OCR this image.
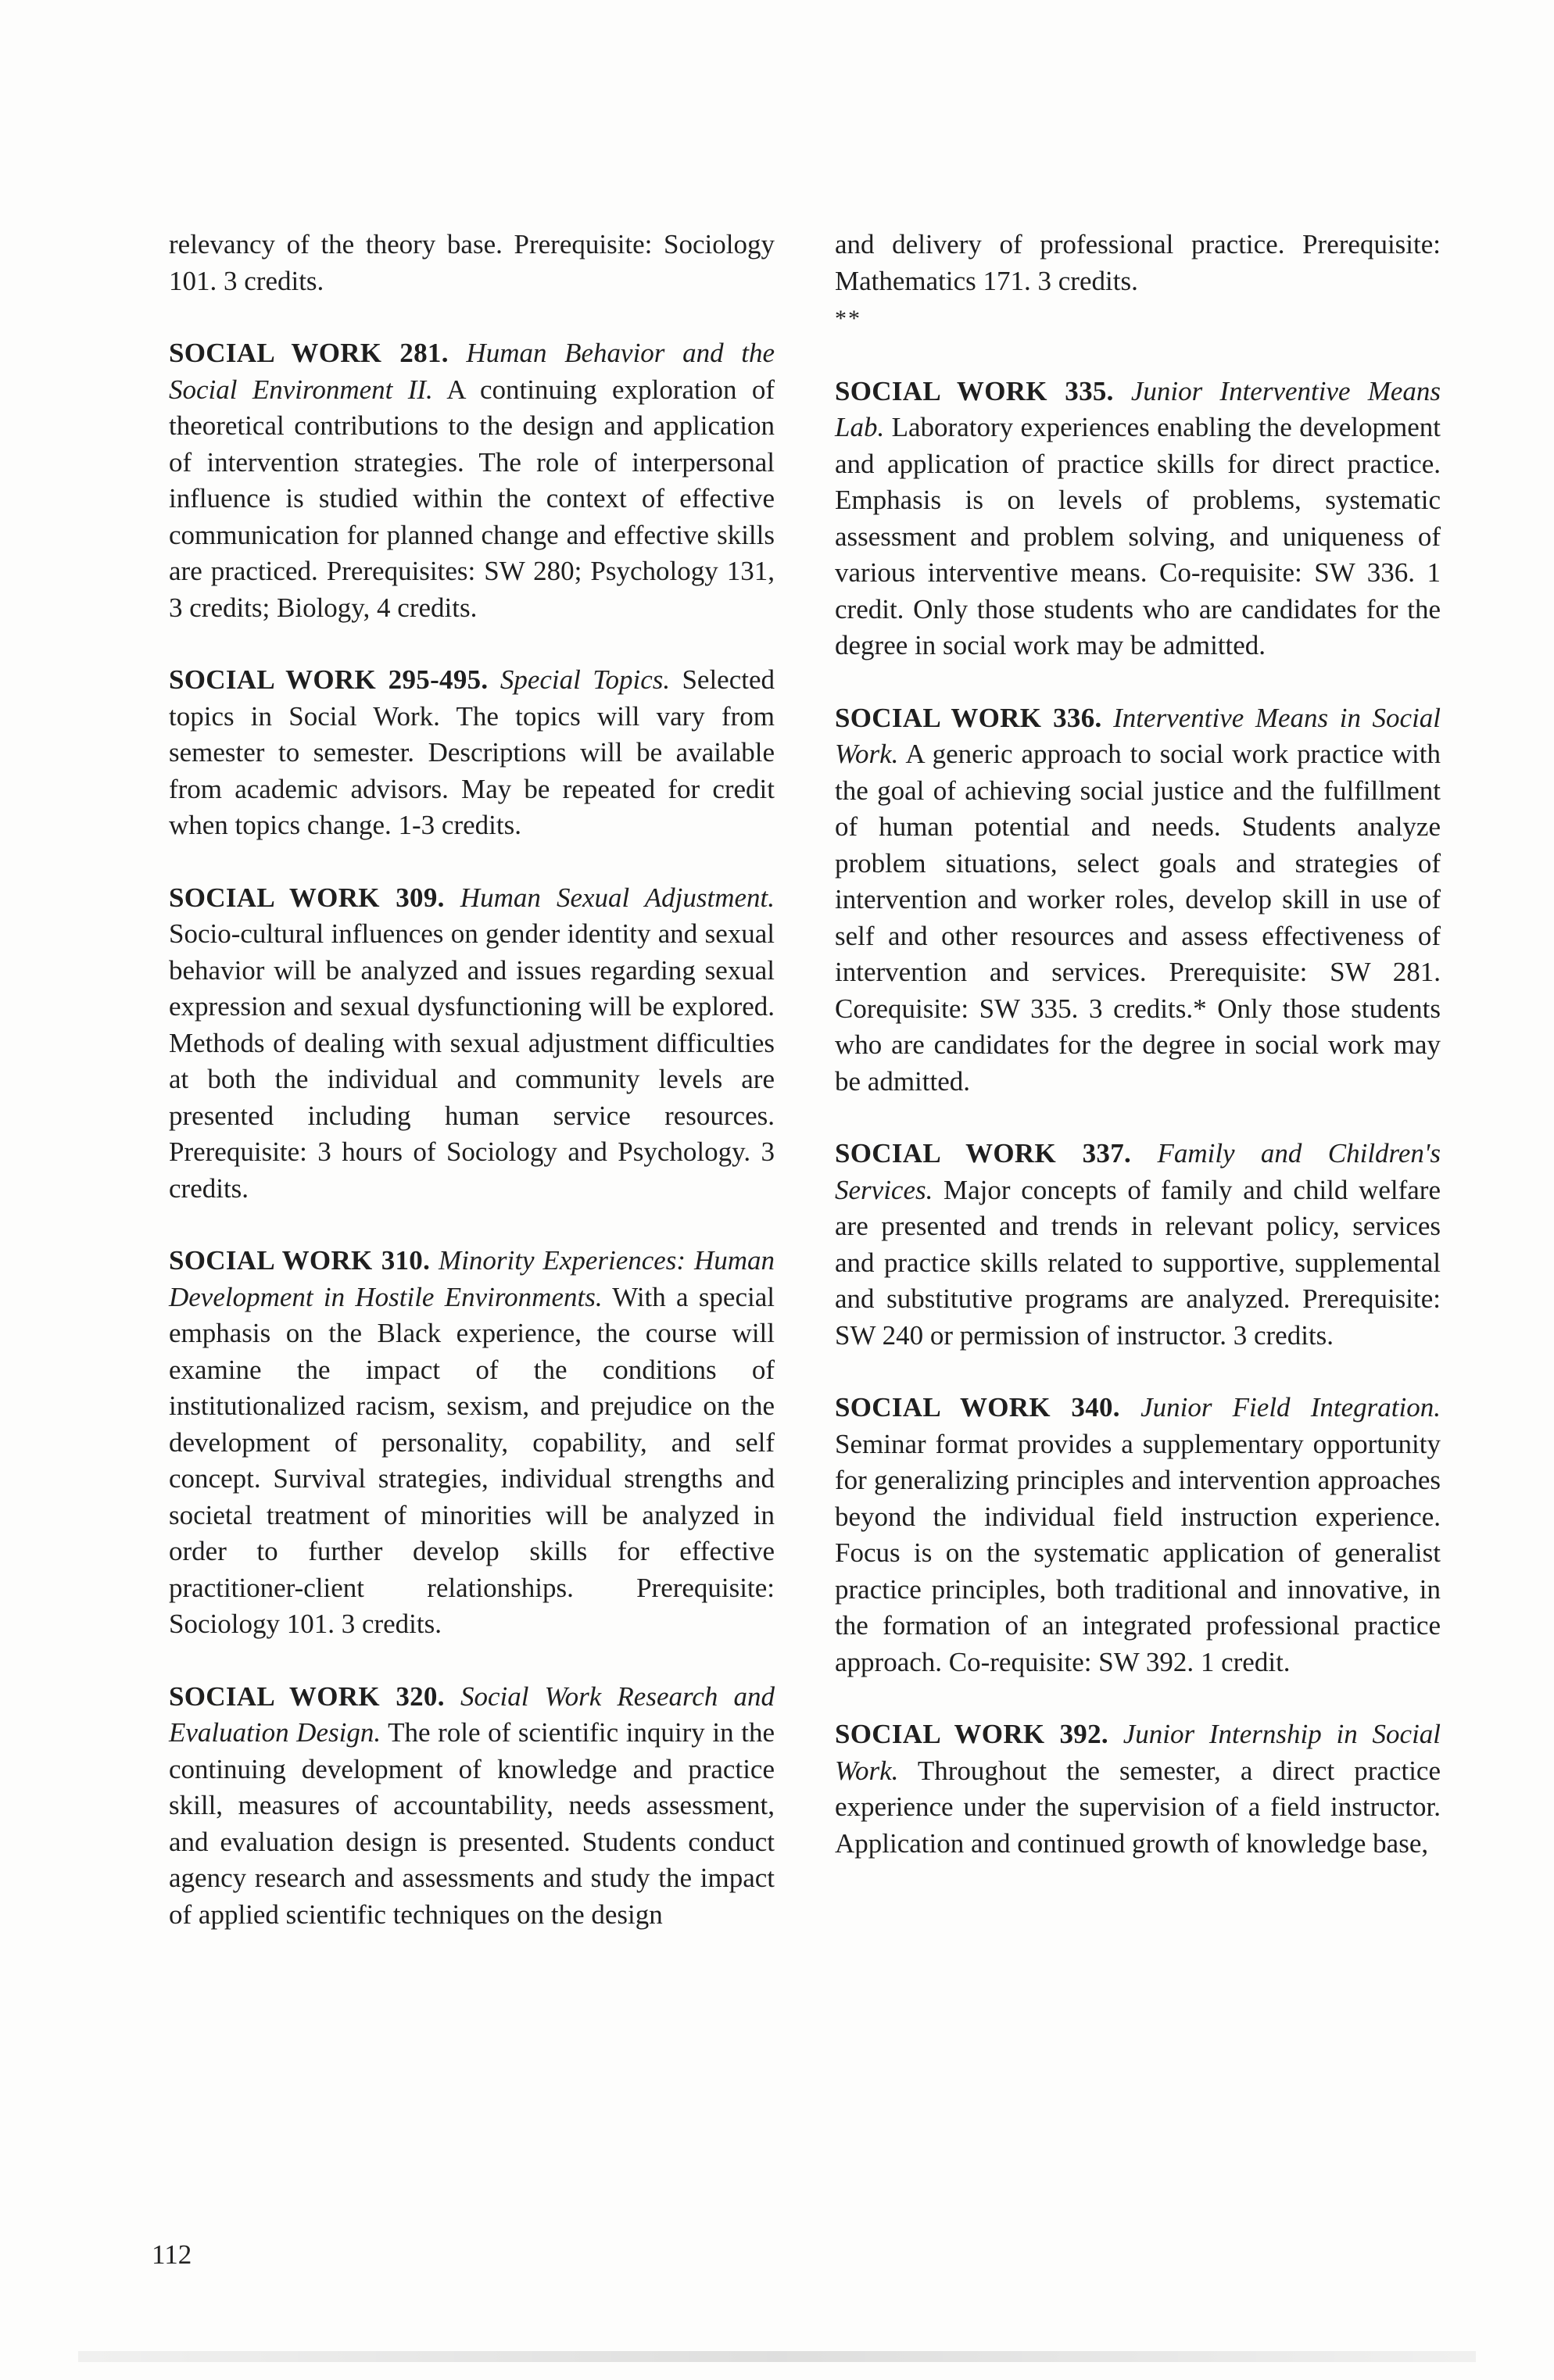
relevancy of the theory base. Prerequisite: Sociology 101. 3 credits.

SOCIAL WORK 281. Human Behavior and the Social Environment II. A continuing exploration of theoretical contributions to the design and application of intervention strategies. The role of interpersonal influence is studied within the context of effective communication for planned change and effective skills are practiced. Prerequisites: SW 280; Psychology 131, 3 credits; Biology, 4 credits.

SOCIAL WORK 295-495. Special Topics. Selected topics in Social Work. The topics will vary from semester to semester. Descriptions will be available from academic advisors. May be repeated for credit when topics change. 1-3 credits.

SOCIAL WORK 309. Human Sexual Adjustment. Socio-cultural influences on gender identity and sexual behavior will be analyzed and issues regarding sexual expression and sexual dysfunctioning will be explored. Methods of dealing with sexual adjustment difficulties at both the individual and community levels are presented including human service resources. Prerequisite: 3 hours of Sociology and Psychology. 3 credits.

SOCIAL WORK 310. Minority Experiences: Human Development in Hostile Environments. With a special emphasis on the Black experience, the course will examine the impact of the conditions of institutionalized racism, sexism, and prejudice on the development of personality, copability, and self concept. Survival strategies, individual strengths and societal treatment of minorities will be analyzed in order to further develop skills for effective practitioner-client relationships. Prerequisite: Sociology 101. 3 credits.

SOCIAL WORK 320. Social Work Research and Evaluation Design. The role of scientific inquiry in the continuing development of knowledge and practice skill, measures of accountability, needs assessment, and evaluation design is presented. Students conduct agency research and assessments and study the impact of applied scientific techniques on the design

and delivery of professional practice. Prerequisite: Mathematics 171. 3 credits.
**

SOCIAL WORK 335. Junior Interventive Means Lab. Laboratory experiences enabling the development and application of practice skills for direct practice. Emphasis is on levels of problems, systematic assessment and problem solving, and uniqueness of various interventive means. Co-requisite: SW 336. 1 credit. Only those students who are candidates for the degree in social work may be admitted.

SOCIAL WORK 336. Interventive Means in Social Work. A generic approach to social work practice with the goal of achieving social justice and the fulfillment of human potential and needs. Students analyze problem situations, select goals and strategies of intervention and worker roles, develop skill in use of self and other resources and assess effectiveness of intervention and services. Prerequisite: SW 281. Corequisite: SW 335. 3 credits.* Only those students who are candidates for the degree in social work may be admitted.

SOCIAL WORK 337. Family and Children's Services. Major concepts of family and child welfare are presented and trends in relevant policy, services and practice skills related to supportive, supplemental and substitutive programs are analyzed. Prerequisite: SW 240 or permission of instructor. 3 credits.

SOCIAL WORK 340. Junior Field Integration. Seminar format provides a supplementary opportunity for generalizing principles and intervention approaches beyond the individual field instruction experience. Focus is on the systematic application of generalist practice principles, both traditional and innovative, in the formation of an integrated professional practice approach. Co-requisite: SW 392. 1 credit.

SOCIAL WORK 392. Junior Internship in Social Work. Throughout the semester, a direct practice experience under the supervision of a field instructor. Application and continued growth of knowledge base,

112
